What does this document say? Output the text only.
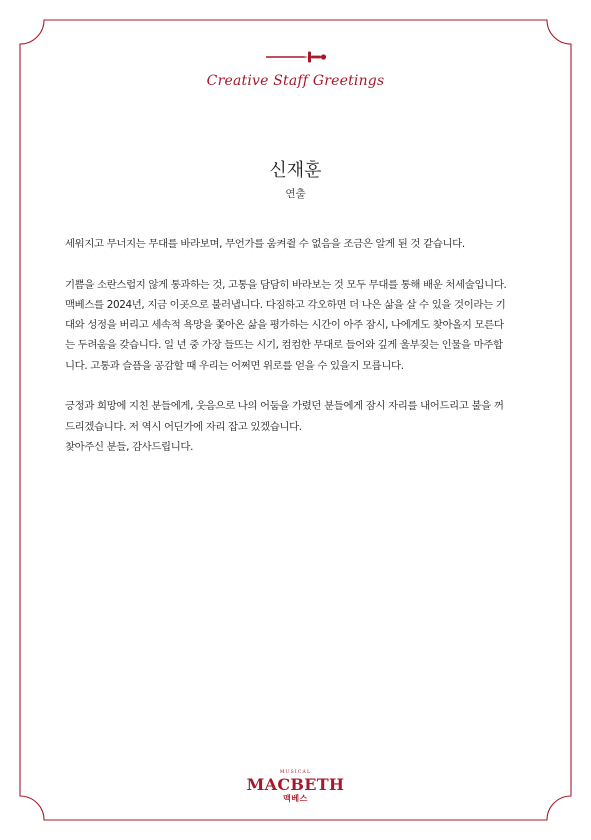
Creative Staff Greetings
신재훈
연출
세워지고 무너지는 무대를 바라보며, 무언가를 움켜쥘 수 없음을 조금은 알게 된 것 같습니다.
기쁨을 소란스럽지 않게 통과하는 것, 고통을 담담히 바라보는 것 모두 무대를 통해 배운 처세술입니다.
맥베스를 2024년, 지금 이곳으로 불러냅니다. 다짐하고 각오하면 더 나은 삶을 살 수 있을 것이라는 기
대와 성정을 버리고 세속적 욕망을 쫓아온 삶을 평가하는 시간이 아주 잠시, 나에게도 찾아올지 모른다
는 두려움을 갖습니다. 일 년 중 가장 들뜨는 시기, 컴컴한 무대로 들어와 깊게 울부짖는 인물을 마주합
니다. 고통과 슬픔을 공감할 때 우리는 어쩌면 위로를 얻을 수 있을지 모릅니다.
긍정과 희망에 지친 분들에게, 웃음으로 나의 어둠을 가렸던 분들에게 잠시 자리를 내어드리고 불을 꺼
드리겠습니다. 저 역시 어딘가에 자리 잡고 있겠습니다.
찾아주신 분들, 감사드립니다.
MUSICAL
MACBETH
맥베스
